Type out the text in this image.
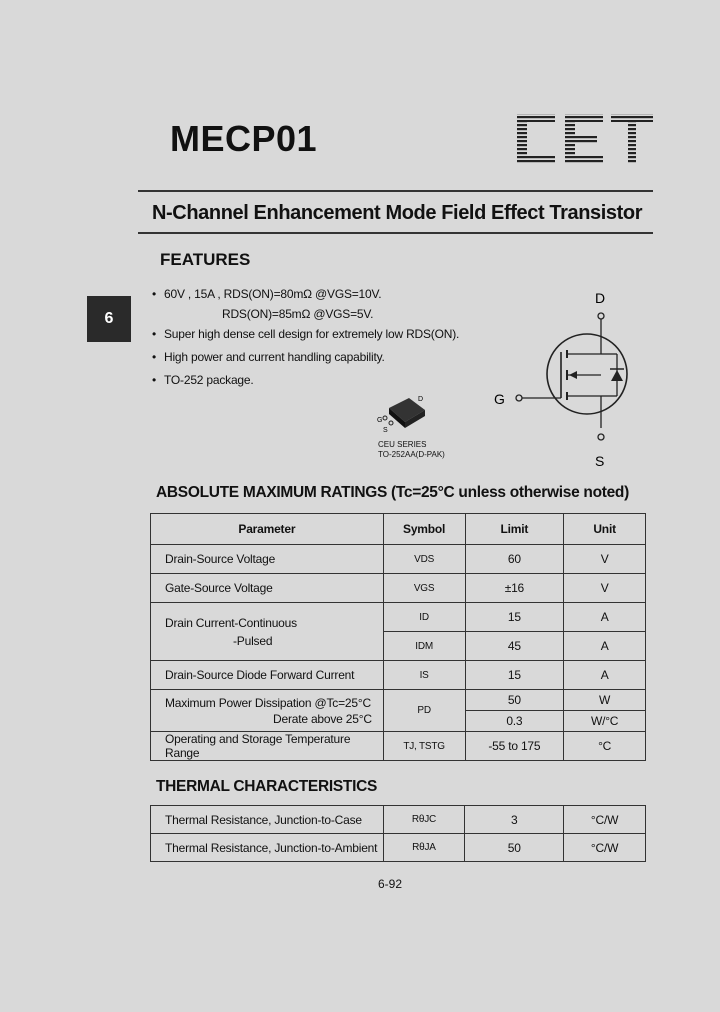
MECP01
CET
N-Channel Enhancement Mode Field Effect Transistor
6
FEATURES
• 60V , 15A , RDS(ON)=80mΩ @VGS=10V.
RDS(ON)=85mΩ @VGS=5V.
• Super high dense cell design for extremely low RDS(ON).
• High power and current handling capability.
• TO-252 package.
G
S
D
CEU SERIES
TO-252AA(D-PAK)
D
S
G
ABSOLUTE MAXIMUM RATINGS (Tc=25°C unless otherwise noted)
Parameter	Symbol	Limit	Unit
Drain-Source Voltage	VDS	60	V
Gate-Source Voltage	VGS	±16	V

Drain Current-Continuous
-Pulsed	ID	15	A
	IDM	45	A
Drain-Source Diode Forward Current	IS	15	A

Maximum Power Dissipation @Tc=25°C
Derate above 25°C	PD	50	W
		0.3	W/°C
Operating and Storage Temperature Range	TJ, TSTG	-55 to 175	°C
THERMAL CHARACTERISTICS
Thermal Resistance, Junction-to-Case	RθJC	3	°C/W
Thermal Resistance, Junction-to-Ambient	RθJA	50	°C/W
6-92
